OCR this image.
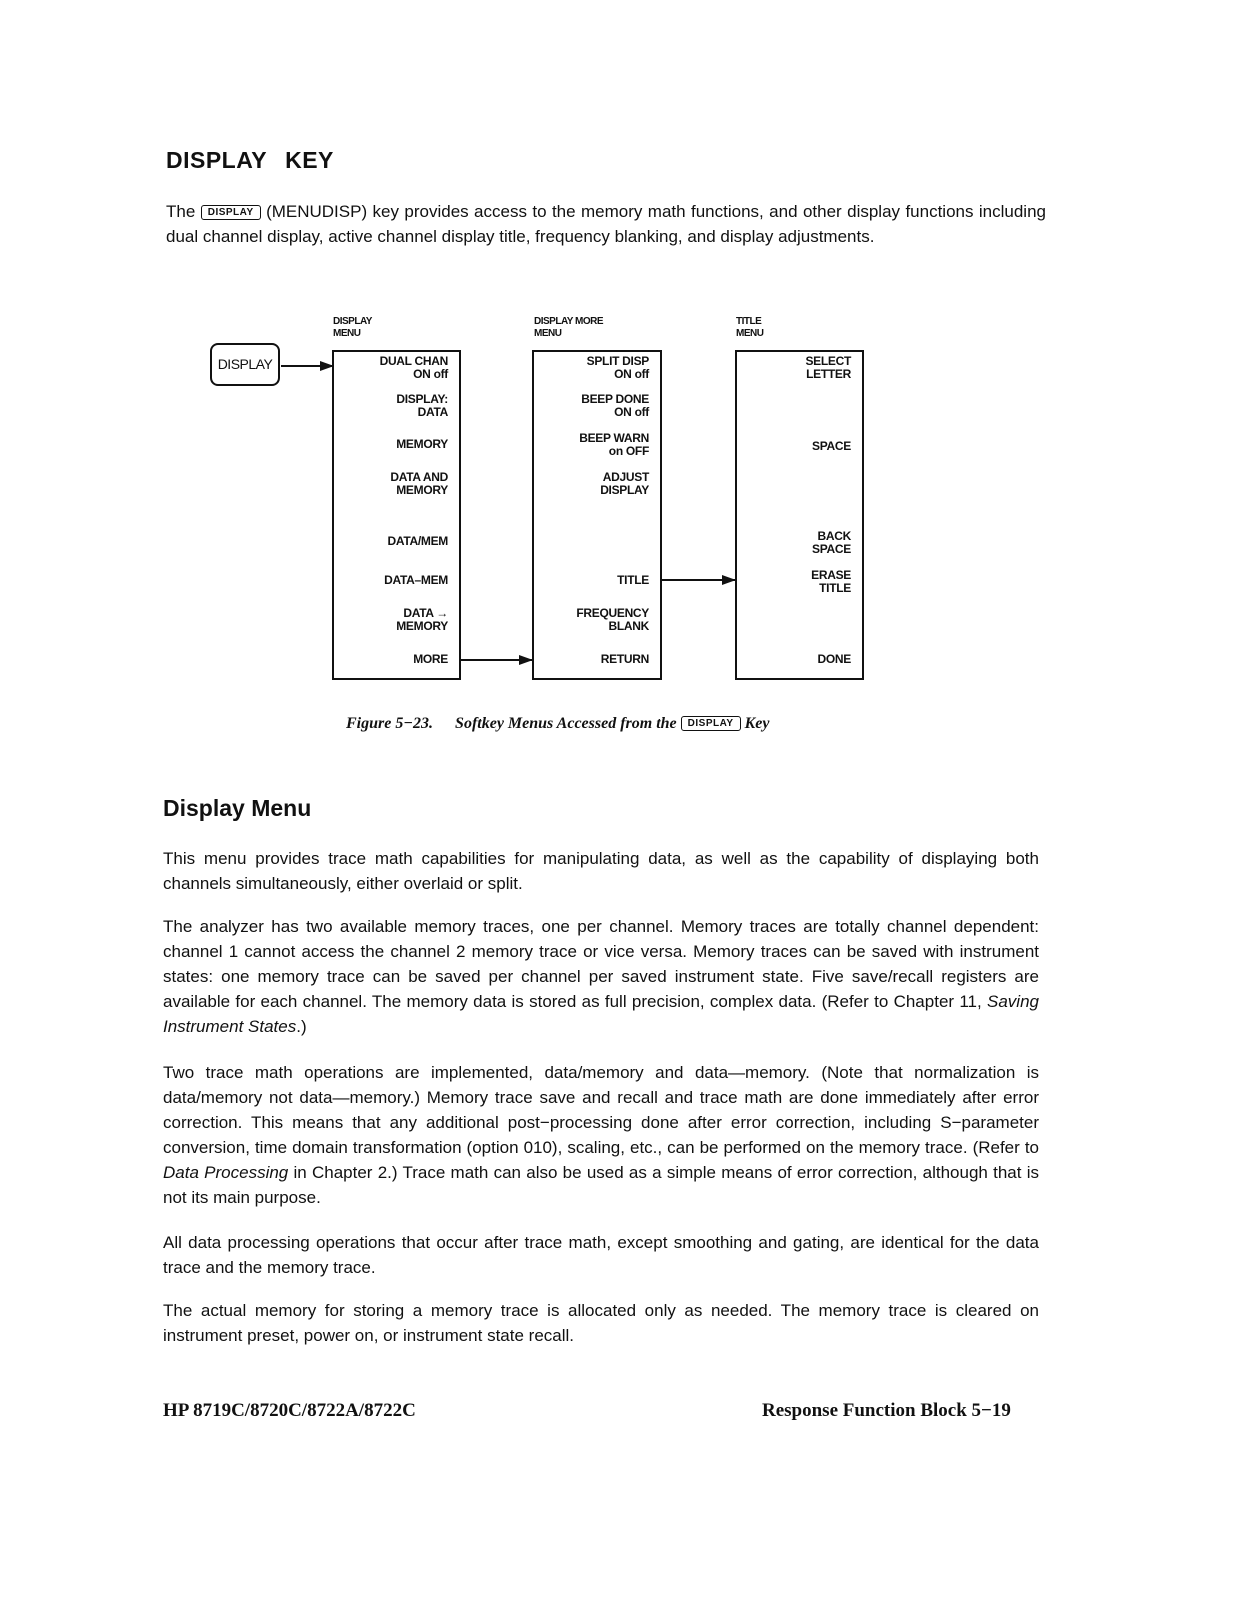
DISPLAY KEY
The DISPLAY (MENUDISP) key provides access to the memory math functions, and other display functions including dual channel display, active channel display title, frequency blanking, and display adjustments.
DISPLAY
DISPLAY
MENU
DUAL CHAN
ON off
DISPLAY:
DATA
MEMORY
DATA AND
MEMORY
DATA/MEM
DATA–MEM
DATA →
MEMORY
MORE
DISPLAY MORE
MENU
SPLIT DISP
ON off
BEEP DONE
ON off
BEEP WARN
on OFF
ADJUST
DISPLAY
TITLE
FREQUENCY
BLANK
RETURN
TITLE
MENU
SELECT
LETTER
SPACE
BACK
SPACE
ERASE
TITLE
DONE
Figure 5−23. Softkey Menus Accessed from the DISPLAY Key
Display Menu
This menu provides trace math capabilities for manipulating data, as well as the capability of displaying both channels simultaneously, either overlaid or split.
The analyzer has two available memory traces, one per channel. Memory traces are totally channel dependent: channel 1 cannot access the channel 2 memory trace or vice versa. Memory traces can be saved with instrument states: one memory trace can be saved per channel per saved instrument state. Five save/recall registers are available for each channel. The memory data is stored as full precision, complex data. (Refer to Chapter 11, Saving Instrument States.)
Two trace math operations are implemented, data/memory and data—memory. (Note that normalization is data/memory not data—memory.) Memory trace save and recall and trace math are done immediately after error correction. This means that any additional post−processing done after error correction, including S−parameter conversion, time domain transformation (option 010), scaling, etc., can be performed on the memory trace. (Refer to Data Processing in Chapter 2.) Trace math can also be used as a simple means of error correction, although that is not its main purpose.
All data processing operations that occur after trace math, except smoothing and gating, are identical for the data trace and the memory trace.
The actual memory for storing a memory trace is allocated only as needed. The memory trace is cleared on instrument preset, power on, or instrument state recall.
HP 8719C/8720C/8722A/8722C	Response Function Block 5−19
